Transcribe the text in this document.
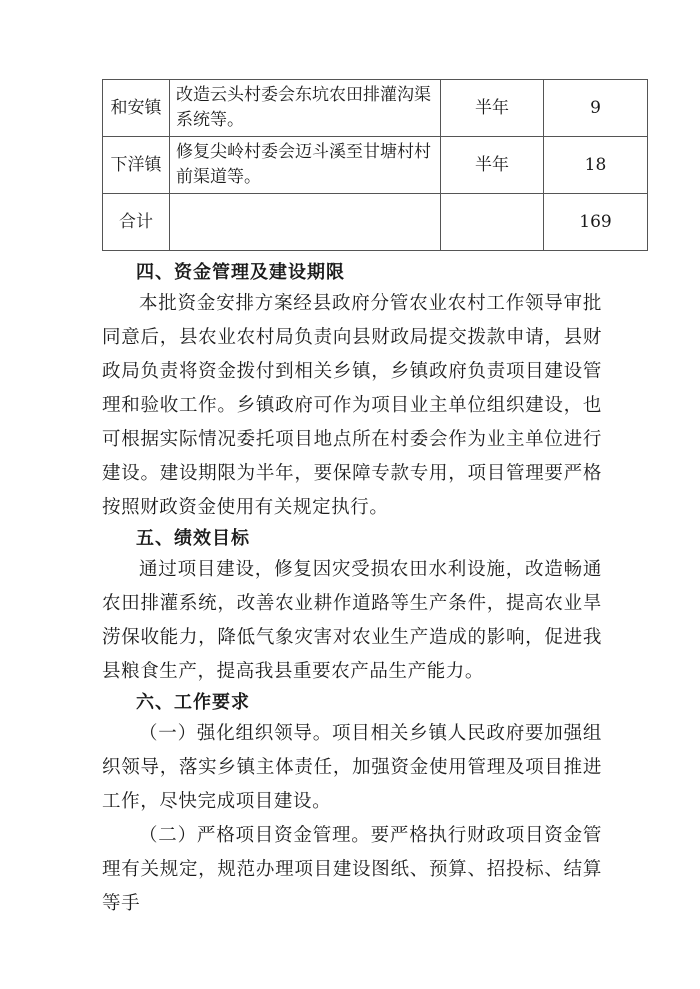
和安镇	改造云头村委会东坑农田排灌沟渠系统等。	半年	9
下洋镇	修复尖岭村委会迈斗溪至甘塘村村前渠道等。	半年	18
合计			169
四、资金管理及建设期限

本批资金安排方案经县政府分管农业农村工作领导审批同意后，县农业农村局负责向县财政局提交拨款申请，县财政局负责将资金拨付到相关乡镇，乡镇政府负责项目建设管理和验收工作。乡镇政府可作为项目业主单位组织建设，也可根据实际情况委托项目地点所在村委会作为业主单位进行建设。建设期限为半年，要保障专款专用，项目管理要严格按照财政资金使用有关规定执行。

五、绩效目标

通过项目建设，修复因灾受损农田水利设施，改造畅通农田排灌系统，改善农业耕作道路等生产条件，提高农业旱涝保收能力，降低气象灾害对农业生产造成的影响，促进我县粮食生产，提高我县重要农产品生产能力。

六、工作要求

（一）强化组织领导。项目相关乡镇人民政府要加强组织领导，落实乡镇主体责任，加强资金使用管理及项目推进工作，尽快完成项目建设。

（二）严格项目资金管理。要严格执行财政项目资金管理有关规定，规范办理项目建设图纸、预算、招投标、结算等手
